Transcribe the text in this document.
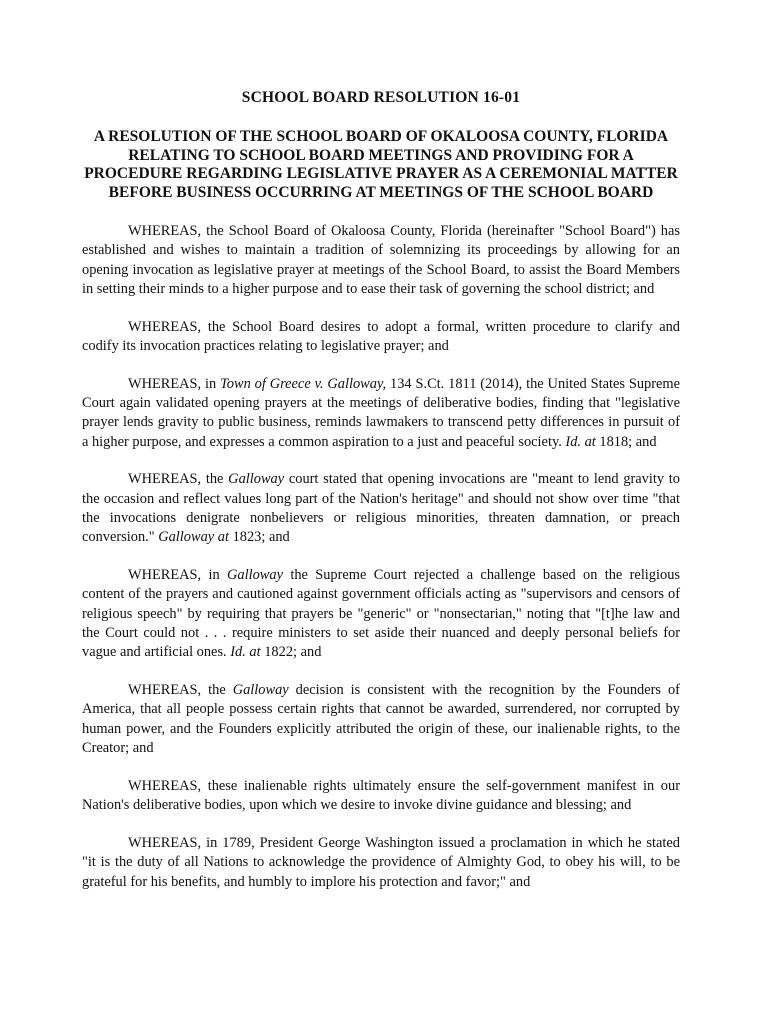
SCHOOL BOARD RESOLUTION 16-01
A RESOLUTION OF THE SCHOOL BOARD OF OKALOOSA COUNTY, FLORIDA RELATING TO SCHOOL BOARD MEETINGS AND PROVIDING FOR A PROCEDURE REGARDING LEGISLATIVE PRAYER AS A CEREMONIAL MATTER BEFORE BUSINESS OCCURRING AT MEETINGS OF THE SCHOOL BOARD

WHEREAS, the School Board of Okaloosa County, Florida (hereinafter "School Board") has established and wishes to maintain a tradition of solemnizing its proceedings by allowing for an opening invocation as legislative prayer at meetings of the School Board, to assist the Board Members in setting their minds to a higher purpose and to ease their task of governing the school district; and

WHEREAS, the School Board desires to adopt a formal, written procedure to clarify and codify its invocation practices relating to legislative prayer; and

WHEREAS, in Town of Greece v. Galloway, 134 S.Ct. 1811 (2014), the United States Supreme Court again validated opening prayers at the meetings of deliberative bodies, finding that "legislative prayer lends gravity to public business, reminds lawmakers to transcend petty differences in pursuit of a higher purpose, and expresses a common aspiration to a just and peaceful society. Id. at 1818; and

WHEREAS, the Galloway court stated that opening invocations are "meant to lend gravity to the occasion and reflect values long part of the Nation's heritage" and should not show over time "that the invocations denigrate nonbelievers or religious minorities, threaten damnation, or preach conversion." Galloway at 1823; and

WHEREAS, in Galloway the Supreme Court rejected a challenge based on the religious content of the prayers and cautioned against government officials acting as "supervisors and censors of religious speech" by requiring that prayers be "generic" or "nonsectarian," noting that "[t]he law and the Court could not . . . require ministers to set aside their nuanced and deeply personal beliefs for vague and artificial ones. Id. at 1822; and

WHEREAS, the Galloway decision is consistent with the recognition by the Founders of America, that all people possess certain rights that cannot be awarded, surrendered, nor corrupted by human power, and the Founders explicitly attributed the origin of these, our inalienable rights, to the Creator; and

WHEREAS, these inalienable rights ultimately ensure the self-government manifest in our Nation's deliberative bodies, upon which we desire to invoke divine guidance and blessing; and

WHEREAS, in 1789, President George Washington issued a proclamation in which he stated "it is the duty of all Nations to acknowledge the providence of Almighty God, to obey his will, to be grateful for his benefits, and humbly to implore his protection and favor;" and
